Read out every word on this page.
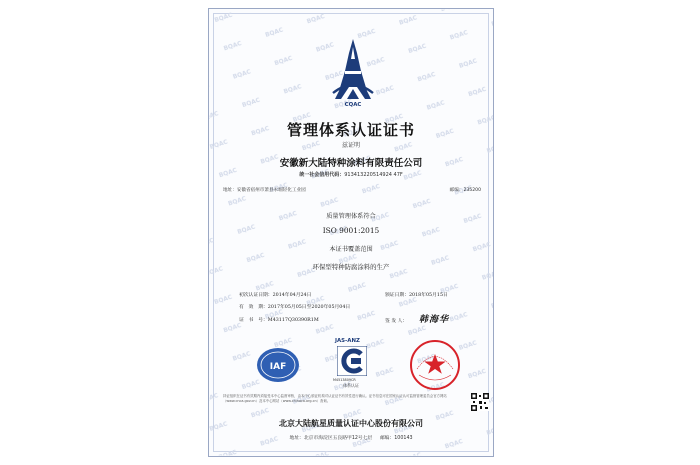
CQAC
管理体系认证证书
兹证明
安徽新大陆特种涂料有限责任公司
统一社会信用代码：913413220514924 47F
地址：安徽省宿州市萧县永堌轻化工业园	邮编：235200
质量管理体系符合
ISO 9001:2015
本证书覆盖范围
环保型特种防腐涂料的生产
初次认证日期：2014年04月24日	颁证日期：2018年05月15日
有　效　期：2017年05月05日至2020年05月04日
证　书　号：M43117Q30390R1M	签 发 人： 韩海华
IAF
JAS-ANZ
M4513809CR
体系认证
持证组织在证书有效期内须接受本中心监督审核，由本中心颁证机构对认证证书有效性进行确认。证书信息可在国家认证认可监督管理委员会官方网站（www.cnca.gov.cn）及本中心网站（www.chinaca.org.cn）查询。
北京大陆航星质量认证中心股份有限公司
地址：北京市海淀区五良路甲12号七层 邮编：100143
